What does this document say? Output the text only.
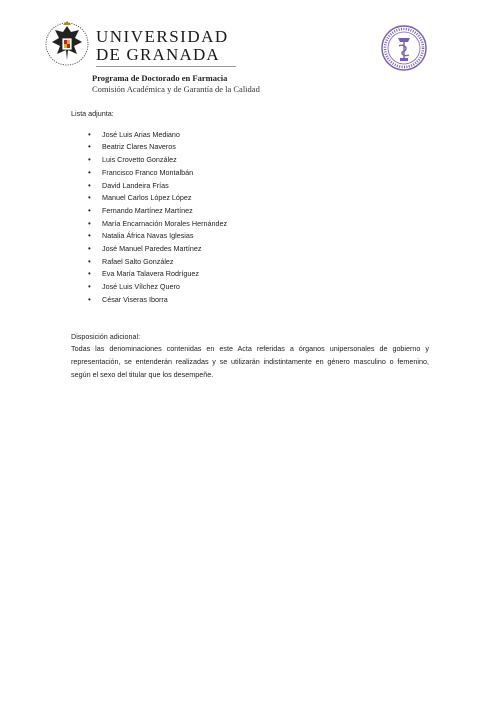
UNIVERSIDAD
DE GRANADA
Programa de Doctorado en Farmacia
Comisión Académica y de Garantía de la Calidad
Lista adjunta:
• José Luis Arias Mediano
• Beatriz Clares Naveros
• Luis Crovetto González
• Francisco Franco Montalbán
• David Landeira Frías
• Manuel Carlos López López
• Fernando Martínez Martínez
• María Encarnación Morales Hernández
• Natalia África Navas Iglesias
• José Manuel Paredes Martínez
• Rafael Salto González
• Eva María Talavera Rodríguez
• José Luis Vílchez Quero
• César Viseras Iborra
Disposición adicional:
Todas las denominaciones contenidas en este Acta referidas a órganos unipersonales de gobierno y representación, se entenderán realizadas y se utilizarán indistintamente en género masculino o femenino, según el sexo del titular que los desempeñe.
